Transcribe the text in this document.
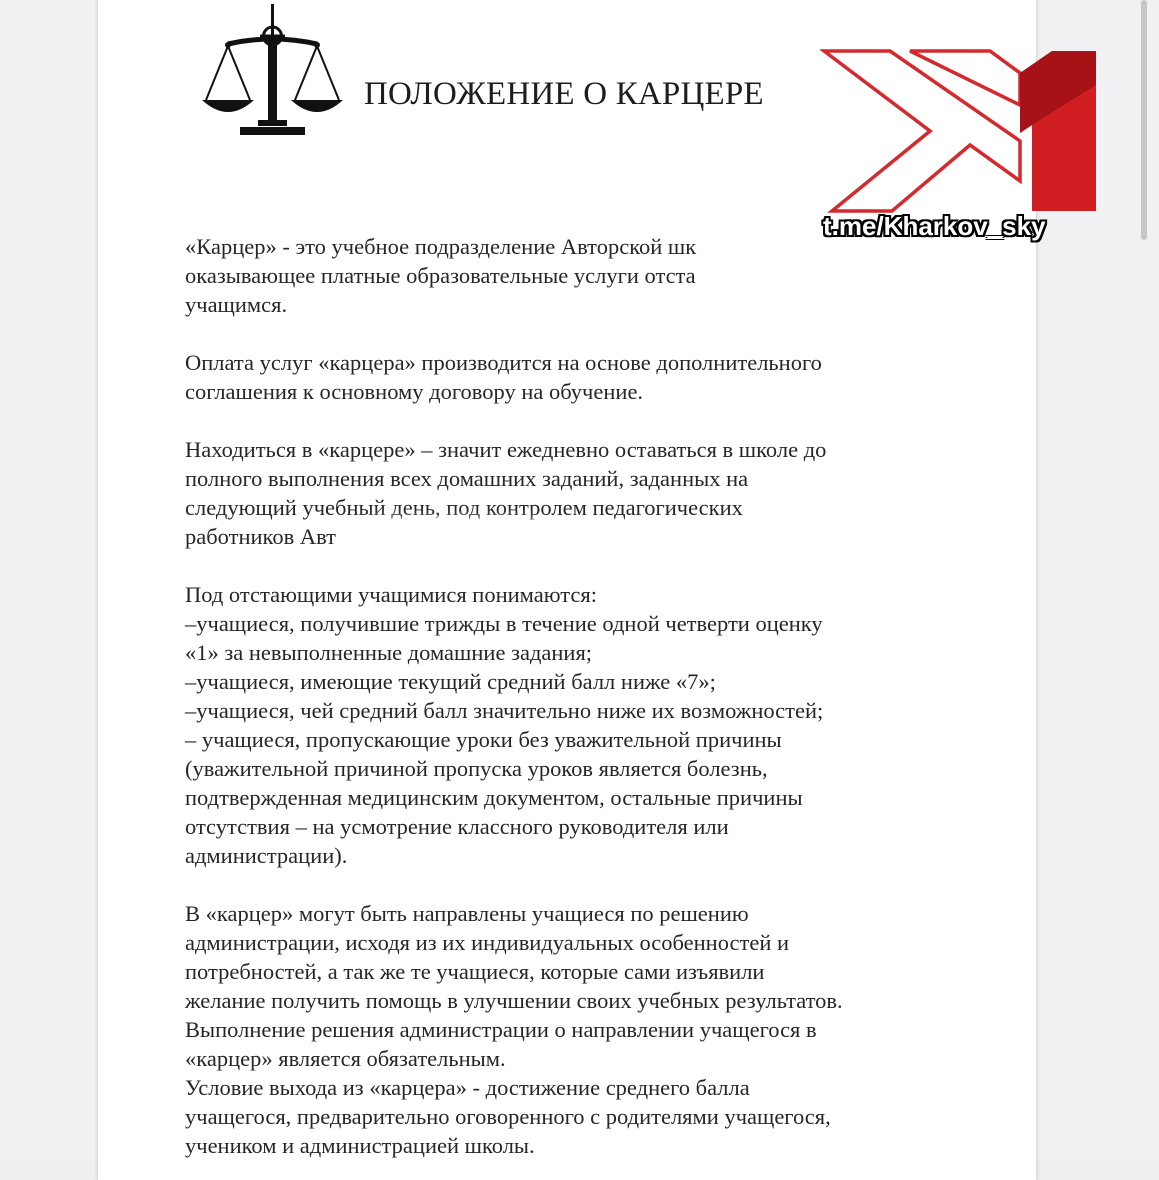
ПОЛОЖЕНИЕ О КАРЦЕРЕ
«Карцер» - это учебное подразделение Авторской шк
оказывающее платные образовательные услуги отста
учащимся.
Оплата услуг «карцера» производится на основе дополнительного
соглашения к основному договору на обучение.
Находиться в «карцере» – значит ежедневно оставаться в школе до
полного выполнения всех домашних заданий, заданных на
следующий учебный день, под контролем педагогических
работников Авт
Под отстающими учащимися понимаются:
–учащиеся, получившие трижды в течение одной четверти оценку
«1» за невыполненные домашние задания;
–учащиеся, имеющие текущий средний балл ниже «7»;
–учащиеся, чей средний балл значительно ниже их возможностей;
– учащиеся, пропускающие уроки без уважительной причины
(уважительной причиной пропуска уроков является болезнь,
подтвержденная медицинским документом, остальные причины
отсутствия – на усмотрение классного руководителя или
администрации).
В «карцер» могут быть направлены учащиеся по решению
администрации, исходя из их индивидуальных особенностей и
потребностей, а так же те учащиеся, которые сами изъявили
желание получить помощь в улучшении своих учебных результатов.
Выполнение решения администрации о направлении учащегося в
«карцер» является обязательным.
Условие выхода из «карцера» - достижение среднего балла
учащегося, предварительно оговоренного с родителями учащегося,
учеником и администрацией школы.
t.me/Kharkov_sky
